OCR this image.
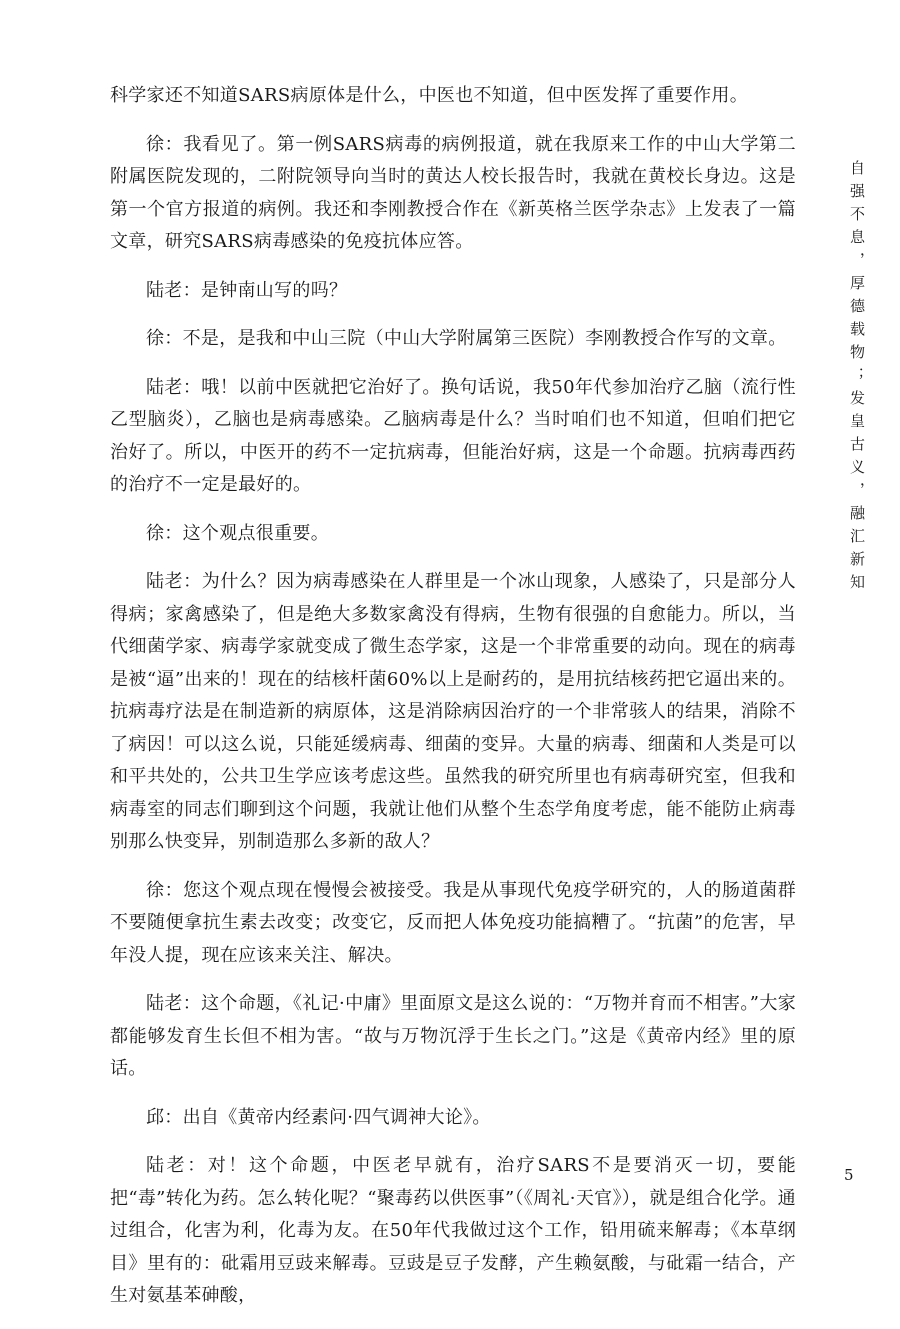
科学家还不知道SARS病原体是什么，中医也不知道，但中医发挥了重要作用。

徐：我看见了。第一例SARS病毒的病例报道，就在我原来工作的中山大学第二附属医院发现的，二附院领导向当时的黄达人校长报告时，我就在黄校长身边。这是第一个官方报道的病例。我还和李刚教授合作在《新英格兰医学杂志》上发表了一篇文章，研究SARS病毒感染的免疫抗体应答。

陆老：是钟南山写的吗？

徐：不是，是我和中山三院（中山大学附属第三医院）李刚教授合作写的文章。

陆老：哦！以前中医就把它治好了。换句话说，我50年代参加治疗乙脑（流行性乙型脑炎），乙脑也是病毒感染。乙脑病毒是什么？当时咱们也不知道，但咱们把它治好了。所以，中医开的药不一定抗病毒，但能治好病，这是一个命题。抗病毒西药的治疗不一定是最好的。

徐：这个观点很重要。

陆老：为什么？因为病毒感染在人群里是一个冰山现象，人感染了，只是部分人得病；家禽感染了，但是绝大多数家禽没有得病，生物有很强的自愈能力。所以，当代细菌学家、病毒学家就变成了微生态学家，这是一个非常重要的动向。现在的病毒是被“逼”出来的！现在的结核杆菌60%以上是耐药的，是用抗结核药把它逼出来的。抗病毒疗法是在制造新的病原体，这是消除病因治疗的一个非常骇人的结果，消除不了病因！可以这么说，只能延缓病毒、细菌的变异。大量的病毒、细菌和人类是可以和平共处的，公共卫生学应该考虑这些。虽然我的研究所里也有病毒研究室，但我和病毒室的同志们聊到这个问题，我就让他们从整个生态学角度考虑，能不能防止病毒别那么快变异，别制造那么多新的敌人？

徐：您这个观点现在慢慢会被接受。我是从事现代免疫学研究的，人的肠道菌群不要随便拿抗生素去改变；改变它，反而把人体免疫功能搞糟了。“抗菌”的危害，早年没人提，现在应该来关注、解决。

陆老：这个命题，《礼记·中庸》里面原文是这么说的：“万物并育而不相害。”大家都能够发育生长但不相为害。“故与万物沉浮于生长之门。”这是《黄帝内经》里的原话。

邱：出自《黄帝内经素问·四气调神大论》。

陆老：对！这个命题，中医老早就有，治疗SARS不是要消灭一切，要能把“毒”转化为药。怎么转化呢？“聚毒药以供医事”（《周礼·天官》），就是组合化学。通过组合，化害为利，化毒为友。在50年代我做过这个工作，铅用硫来解毒；《本草纲目》里有的：砒霜用豆豉来解毒。豆豉是豆子发酵，产生赖氨酸，与砒霜一结合，产生对氨基苯砷酸，

自强不息，厚德载物；发皇古义，融汇新知
5
